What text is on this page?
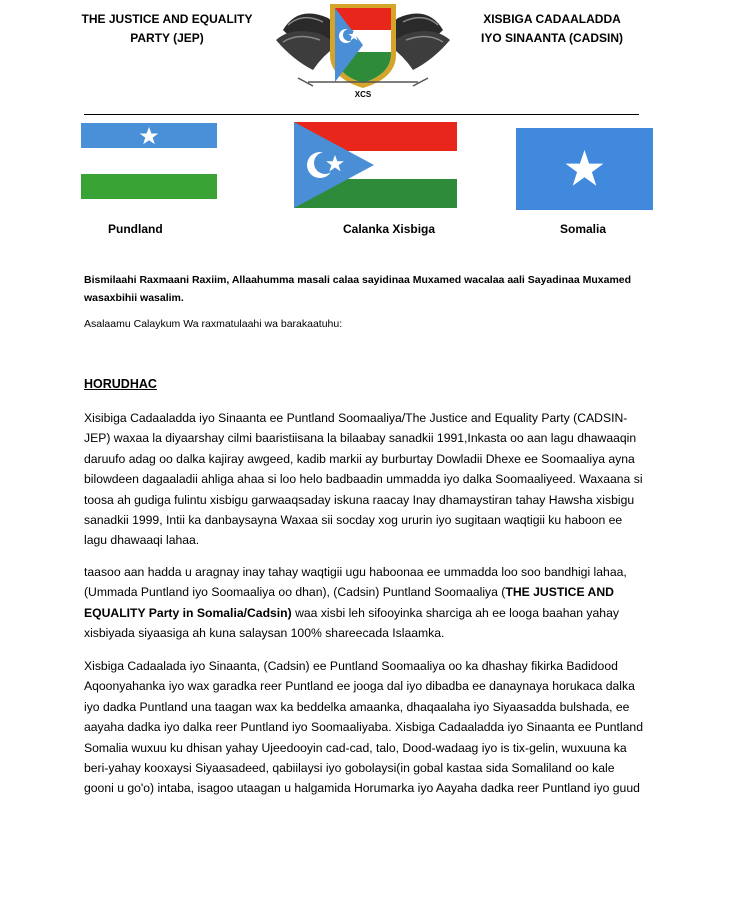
THE JUSTICE AND EQUALITY
PARTY (JEP)
XCS
XISBIGA CADAALADDA
IYO SINAANTA (CADSIN)
Pundland	Calanka Xisbiga	Somalia
Bismilaahi Raxmaani Raxiim, Allaahumma masali calaa sayidinaa Muxamed wacalaa aali Sayadinaa Muxamed wasaxbihii wasalim.
Asalaamu Calaykum Wa raxmatulaahi wa barakaatuhu:
HORUDHAC
Xisibiga Cadaaladda iyo Sinaanta ee Puntland Soomaaliya/The Justice and Equality Party (CADSIN- JEP) waxaa la diyaarshay cilmi baaristiisana la bilaabay sanadkii 1991,Inkasta oo aan lagu dhawaaqin daruufo adag oo dalka kajiray awgeed, kadib markii ay burburtay Dowladii Dhexe ee Soomaaliya ayna bilowdeen dagaaladii ahliga ahaa si loo helo badbaadin ummadda iyo dalka Soomaaliyeed. Waxaana si toosa ah gudiga fulintu xisbigu garwaaqsaday iskuna raacay Inay dhamaystiran tahay Hawsha xisbigu sanadkii 1999, Intii ka danbaysayna Waxaa sii socday xog ururin iyo sugitaan waqtigii ku haboon ee lagu dhawaaqi lahaa.
taasoo aan hadda u aragnay inay tahay waqtigii ugu haboonaa ee ummadda loo soo bandhigi lahaa, (Ummada Puntland iyo Soomaaliya oo dhan), (Cadsin) Puntland Soomaaliya (THE JUSTICE AND EQUALITY Party in Somalia/Cadsin) waa xisbi leh sifooyinka sharciga ah ee looga baahan yahay xisbiyada siyaasiga ah kuna salaysan 100% shareecada Islaamka.
Xisbiga Cadaalada iyo Sinaanta, (Cadsin) ee Puntland Soomaaliya oo ka dhashay fikirka Badidood Aqoonyahanka iyo wax garadka reer Puntland ee jooga dal iyo dibadba ee danaynaya horukaca dalka iyo dadka Puntland una taagan wax ka beddelka amaanka, dhaqaalaha iyo Siyaasadda bulshada, ee aayaha dadka iyo dalka reer Puntland iyo Soomaaliyaba. Xisbiga Cadaaladda iyo Sinaanta ee Puntland Somalia wuxuu ku dhisan yahay Ujeedooyin cad-cad, talo, Dood-wadaag iyo is tix-gelin, wuxuuna ka beri-yahay kooxaysi Siyaasadeed, qabiilaysi iyo gobolaysi(in gobal kastaa sida Somaliland oo kale gooni u go'o) intaba, isagoo utaagan u halgamida Horumarka iyo Aayaha dadka reer Puntland iyo guud
